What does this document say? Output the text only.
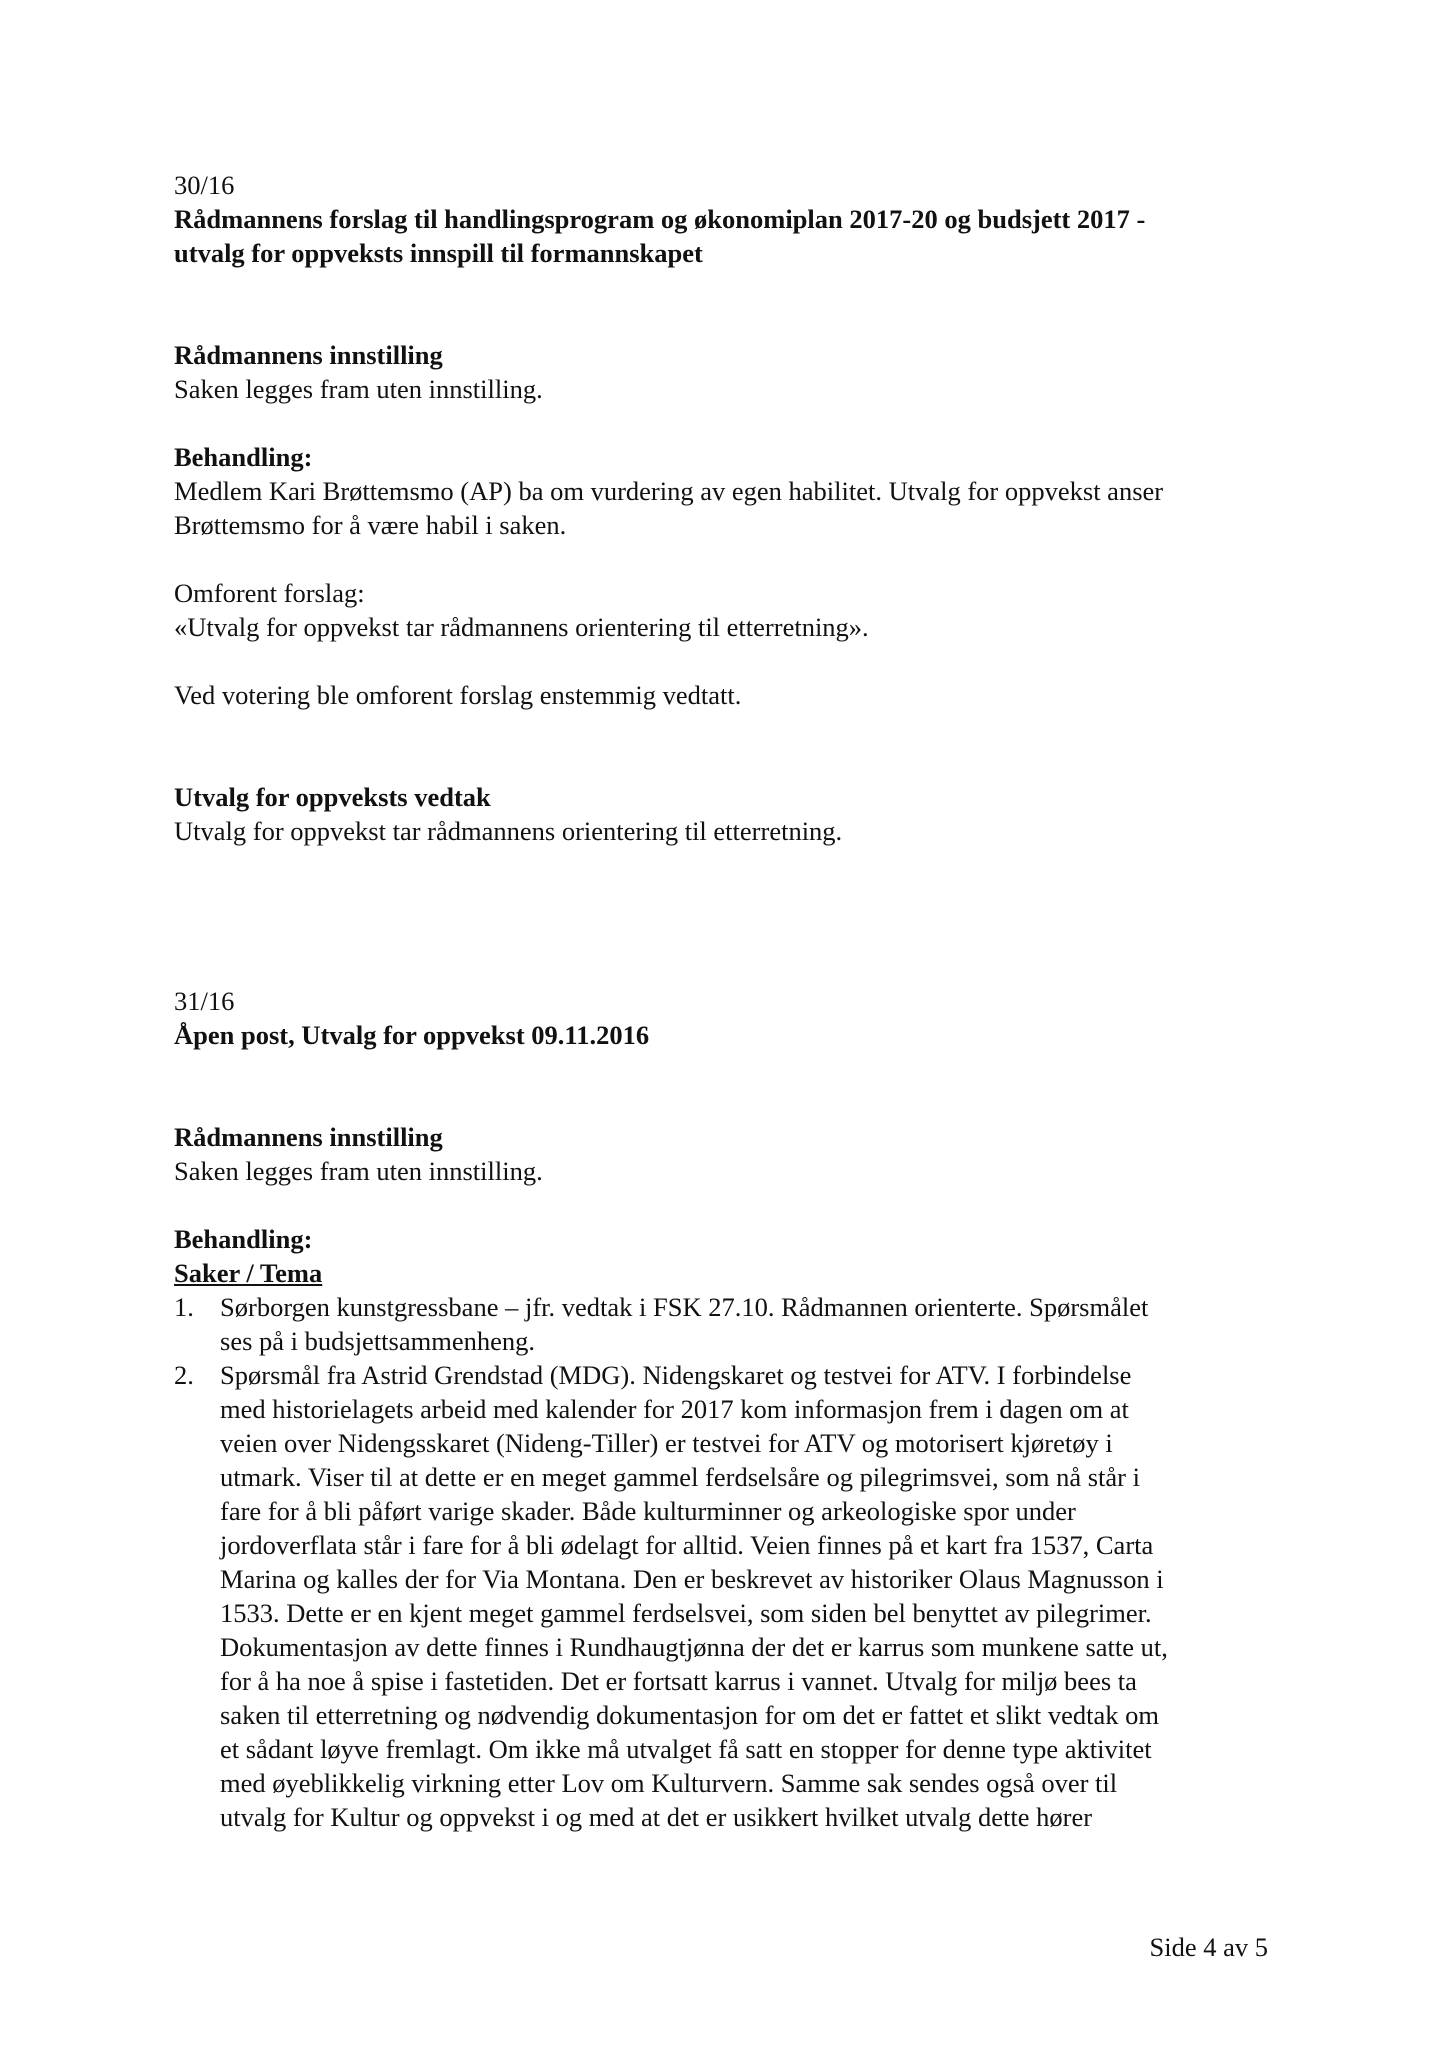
30/16
Rådmannens forslag til handlingsprogram og økonomiplan 2017-20 og budsjett 2017 -
utvalg for oppveksts innspill til formannskapet
Rådmannens innstilling
Saken legges fram uten innstilling.
Behandling:
Medlem Kari Brøttemsmo (AP) ba om vurdering av egen habilitet. Utvalg for oppvekst anser
Brøttemsmo for å være habil i saken.
Omforent forslag:
«Utvalg for oppvekst tar rådmannens orientering til etterretning».
Ved votering ble omforent forslag enstemmig vedtatt.
Utvalg for oppveksts vedtak
Utvalg for oppvekst tar rådmannens orientering til etterretning.
31/16
Åpen post, Utvalg for oppvekst 09.11.2016
Rådmannens innstilling
Saken legges fram uten innstilling.
Behandling:
Saker / Tema
1. Sørborgen kunstgressbane – jfr. vedtak i FSK 27.10. Rådmannen orienterte. Spørsmålet
ses på i budsjettsammenheng.
2. Spørsmål fra Astrid Grendstad (MDG). Nidengskaret og testvei for ATV. I forbindelse
med historielagets arbeid med kalender for 2017 kom informasjon frem i dagen om at
veien over Nidengsskaret (Nideng-Tiller) er testvei for ATV og motorisert kjøretøy i
utmark. Viser til at dette er en meget gammel ferdselsåre og pilegrimsvei, som nå står i
fare for å bli påført varige skader. Både kulturminner og arkeologiske spor under
jordoverflata står i fare for å bli ødelagt for alltid. Veien finnes på et kart fra 1537, Carta
Marina og kalles der for Via Montana. Den er beskrevet av historiker Olaus Magnusson i
1533. Dette er en kjent meget gammel ferdselsvei, som siden bel benyttet av pilegrimer.
Dokumentasjon av dette finnes i Rundhaugtjønna der det er karrus som munkene satte ut,
for å ha noe å spise i fastetiden. Det er fortsatt karrus i vannet. Utvalg for miljø bees ta
saken til etterretning og nødvendig dokumentasjon for om det er fattet et slikt vedtak om
et sådant løyve fremlagt. Om ikke må utvalget få satt en stopper for denne type aktivitet
med øyeblikkelig virkning etter Lov om Kulturvern. Samme sak sendes også over til
utvalg for Kultur og oppvekst i og med at det er usikkert hvilket utvalg dette hører
Side 4 av 5
